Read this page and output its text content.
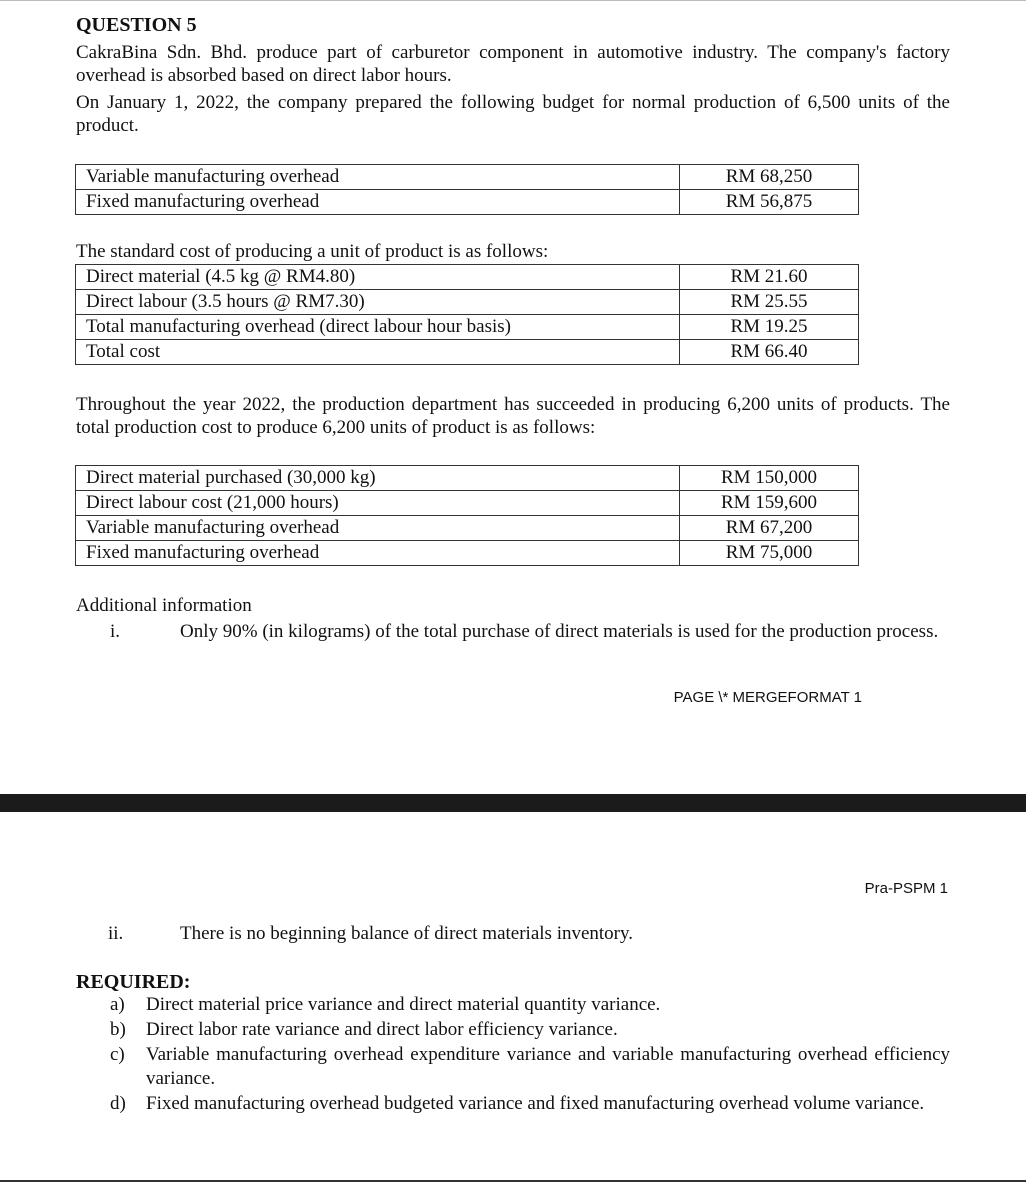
QUESTION 5

CakraBina Sdn. Bhd. produce part of carburetor component in automotive industry. The company's factory overhead is absorbed based on direct labor hours.

On January 1, 2022, the company prepared the following budget for normal production of 6,500 units of the product.

Variable manufacturing overhead	RM 68,250
Fixed manufacturing overhead	RM 56,875
The standard cost of producing a unit of product is as follows:
Direct material (4.5 kg @ RM4.80)	RM 21.60
Direct labour (3.5 hours @ RM7.30)	RM 25.55
Total manufacturing overhead (direct labour hour basis)	RM 19.25
Total cost	RM 66.40

Throughout the year 2022, the production department has succeeded in producing 6,200 units of products. The total production cost to produce 6,200 units of product is as follows:

Direct material purchased (30,000 kg)	RM 150,000
Direct labour cost (21,000 hours)	RM 159,600
Variable manufacturing overhead	RM 67,200
Fixed manufacturing overhead	RM 75,000
Additional information
i.	Only 90% (in kilograms) of the total purchase of direct materials is used for the production process.

PAGE \* MERGEFORMAT 1
Pra-PSPM 1
ii.	There is no beginning balance of direct materials inventory.

REQUIRED:
a) Direct material price variance and direct material quantity variance.

b) Direct labor rate variance and direct labor efficiency variance.

c) Variable manufacturing overhead expenditure variance and variable manufacturing overhead efficiency variance.

d) Fixed manufacturing overhead budgeted variance and fixed manufacturing overhead volume variance.
